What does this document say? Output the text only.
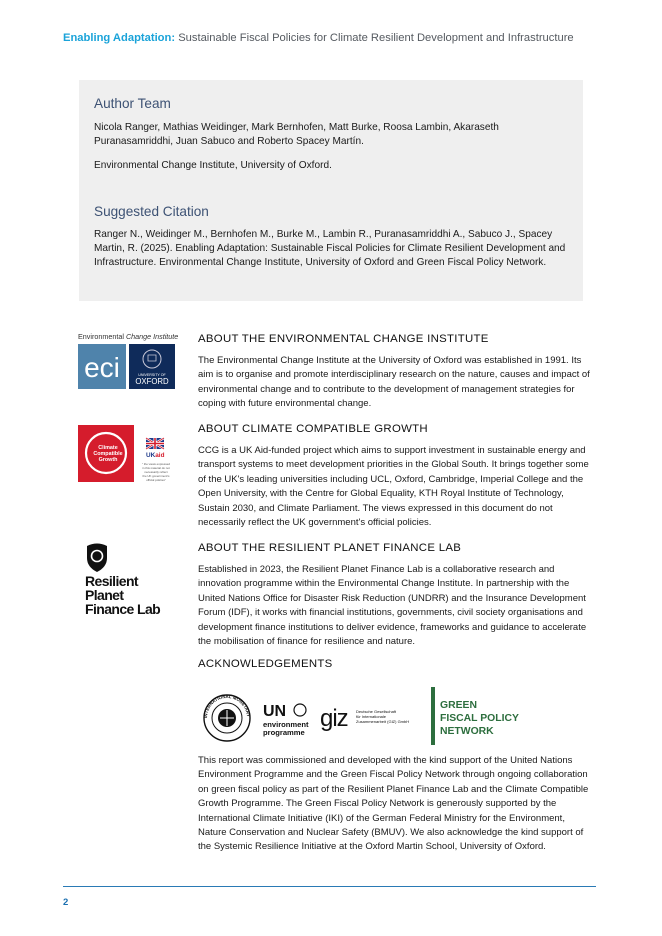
Enabling Adaptation: Sustainable Fiscal Policies for Climate Resilient Development and Infrastructure
Author Team

Nicola Ranger, Mathias Weidinger, Mark Bernhofen, Matt Burke, Roosa Lambin, Akaraseth Puranasamriddhi, Juan Sabuco and Roberto Spacey Martín.

Environmental Change Institute, University of Oxford.

Suggested Citation

Ranger N., Weidinger M., Bernhofen M., Burke M., Lambin R., Puranasamriddhi A., Sabuco J., Spacey Martin, R. (2025). Enabling Adaptation: Sustainable Fiscal Policies for Climate Resilient Development and Infrastructure. Environmental Change Institute, University of Oxford and Green Fiscal Policy Network.

Environmental Change Institute
eci	UNIVERSITY OF
OXFORD
Climate
Compatible
Growth
UKaid
" the views expressed
in this material do not
necessarily reflect
the UK government's
official policies"
Resilient
Planet
Finance Lab
ABOUT THE ENVIRONMENTAL CHANGE INSTITUTE

The Environmental Change Institute at the University of Oxford was established in 1991. Its aim is to organise and promote interdisciplinary research on the nature, causes and impact of environmental change and to contribute to the development of management strategies for coping with future environmental change.

ABOUT CLIMATE COMPATIBLE GROWTH

CCG is a UK Aid-funded project which aims to support investment in sustainable energy and transport systems to meet development priorities in the Global South. It brings together some of the UK's leading universities including UCL, Oxford, Cambridge, Imperial College and the Open University, with the Centre for Global Equality, KTH Royal Institute of Technology, Sustain 2030, and Climate Parliament. The views expressed in this document do not necessarily reflect the UK government's official policies.

ABOUT THE RESILIENT PLANET FINANCE LAB

Established in 2023, the Resilient Planet Finance Lab is a collaborative research and innovation programme within the Environmental Change Institute. In partnership with the United Nations Office for Disaster Risk Reduction (UNDRR) and the Insurance Development Forum (IDF), it works with financial institutions, governments, civil society organisations and development finance institutions to deliver evidence, frameworks and guidance to accelerate the mobilisation of finance for resilience and nature.

ACKNOWLEDGEMENTS
INTERNATIONAL MONETARY UN
environment
programme
giz Deutsche Gesellschaft
für Internationale
Zusammenarbeit (GIZ) GmbH
GREEN
FISCAL POLICY
NETWORK

This report was commissioned and developed with the kind support of the United Nations Environment Programme and the Green Fiscal Policy Network through ongoing collaboration on green fiscal policy as part of the Resilient Planet Finance Lab and the Climate Compatible Growth Programme. The Green Fiscal Policy Network is generously supported by the International Climate Initiative (IKI) of the German Federal Ministry for the Environment, Nature Conservation and Nuclear Safety (BMUV). We also acknowledge the kind support of the Systemic Resilience Initiative at the Oxford Martin School, University of Oxford.

2
